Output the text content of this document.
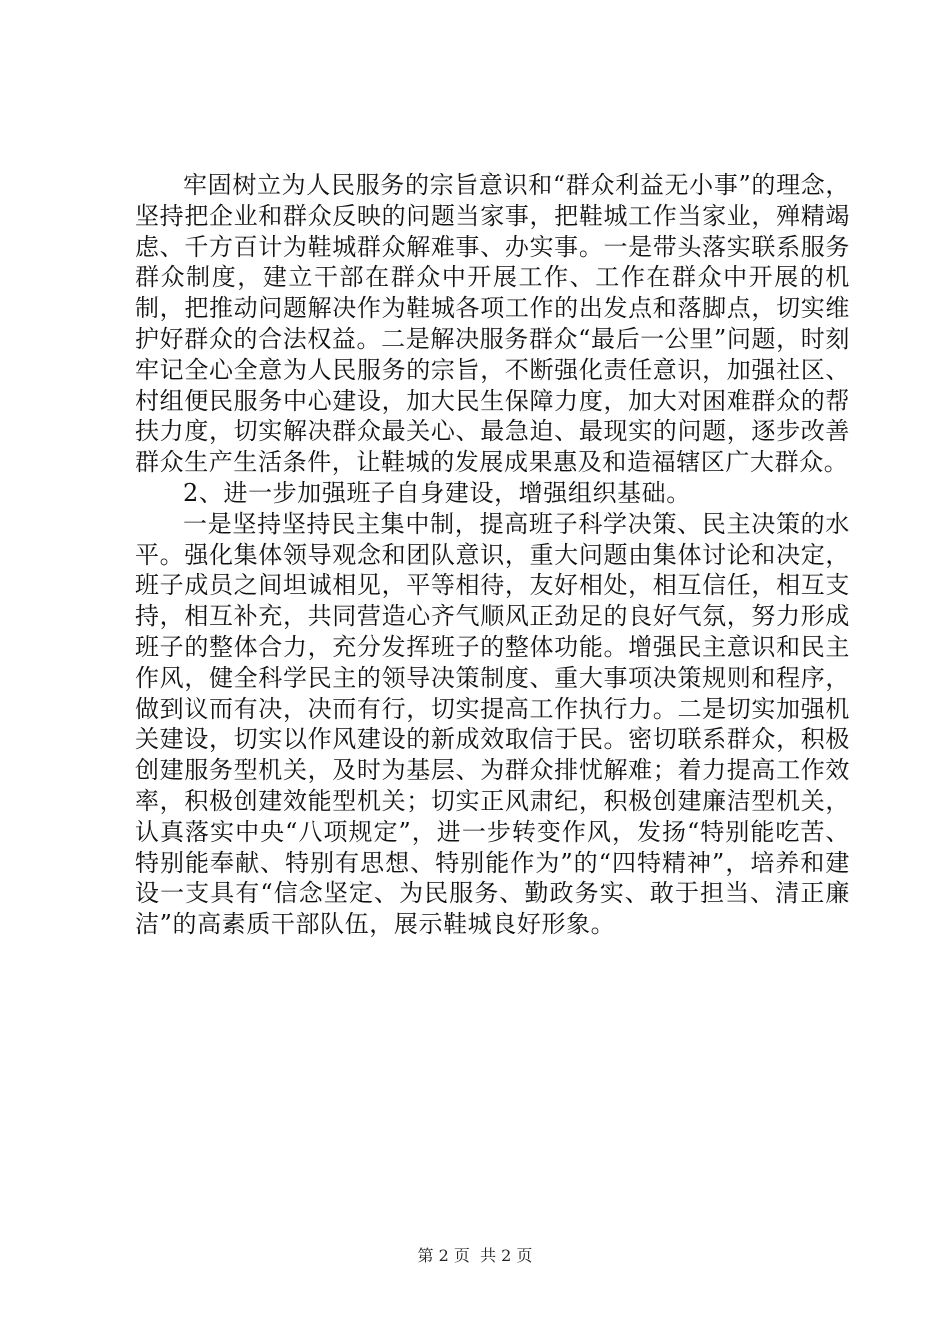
牢固树立为人民服务的宗旨意识和“群众利益无小事”的理念，坚持把企业和群众反映的问题当家事，把鞋城工作当家业，殚精竭虑、千方百计为鞋城群众解难事、办实事。一是带头落实联系服务群众制度，建立干部在群众中开展工作、工作在群众中开展的机制，把推动问题解决作为鞋城各项工作的出发点和落脚点，切实维护好群众的合法权益。二是解决服务群众“最后一公里”问题，时刻牢记全心全意为人民服务的宗旨，不断强化责任意识，加强社区、村组便民服务中心建设，加大民生保障力度，加大对困难群众的帮扶力度，切实解决群众最关心、最急迫、最现实的问题，逐步改善群众生产生活条件，让鞋城的发展成果惠及和造福辖区广大群众。

2、进一步加强班子自身建设，增强组织基础。

一是坚持坚持民主集中制，提高班子科学决策、民主决策的水平。强化集体领导观念和团队意识，重大问题由集体讨论和决定，班子成员之间坦诚相见，平等相待，友好相处，相互信任，相互支持，相互补充，共同营造心齐气顺风正劲足的良好气氛，努力形成班子的整体合力，充分发挥班子的整体功能。增强民主意识和民主作风，健全科学民主的领导决策制度、重大事项决策规则和程序，做到议而有决，决而有行，切实提高工作执行力。二是切实加强机关建设，切实以作风建设的新成效取信于民。密切联系群众，积极创建服务型机关，及时为基层、为群众排忧解难；着力提高工作效率，积极创建效能型机关；切实正风肃纪，积极创建廉洁型机关，认真落实中央“八项规定”，进一步转变作风，发扬“特别能吃苦、特别能奉献、特别有思想、特别能作为”的“四特精神”，培养和建设一支具有“信念坚定、为民服务、勤政务实、敢于担当、清正廉洁”的高素质干部队伍，展示鞋城良好形象。

第 2 页 共 2 页
